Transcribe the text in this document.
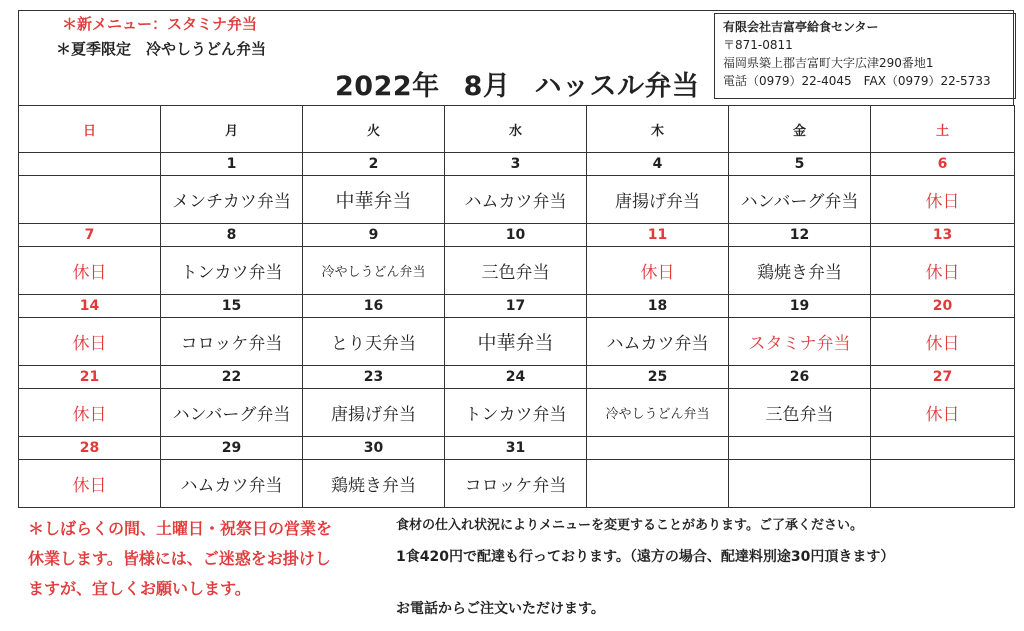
＊新メニュー：スタミナ弁当
＊夏季限定　冷やしうどん弁当
2022年 8月 ハッスル弁当
有限会社吉富亭給食センター
〒871-0811
福岡県築上郡吉富町大字広津290番地1
電話（0979）22-4045　FAX（0979）22-5733
日	月	火	水	木	金	土
	1	2	3	4	5	6
	メンチカツ弁当	中華弁当	ハムカツ弁当	唐揚げ弁当	ハンバーグ弁当	休日
7	8	9	10	11	12	13
休日	トンカツ弁当	冷やしうどん弁当	三色弁当	休日	鶏焼き弁当	休日
14	15	16	17	18	19	20
休日	コロッケ弁当	とり天弁当	中華弁当	ハムカツ弁当	スタミナ弁当	休日
21	22	23	24	25	26	27
休日	ハンバーグ弁当	唐揚げ弁当	トンカツ弁当	冷やしうどん弁当	三色弁当	休日
28	29	30	31			
休日	ハムカツ弁当	鶏焼き弁当	コロッケ弁当			
＊しばらくの間、土曜日・祝祭日の営業を
休業します。皆様には、ご迷惑をお掛けし
ますが、宜しくお願いします。
食材の仕入れ状況によりメニューを変更することがあります。ご了承ください。
1食420円で配達も行っております。（遠方の場合、配達料別途30円頂きます）
お電話からご注文いただけます。
